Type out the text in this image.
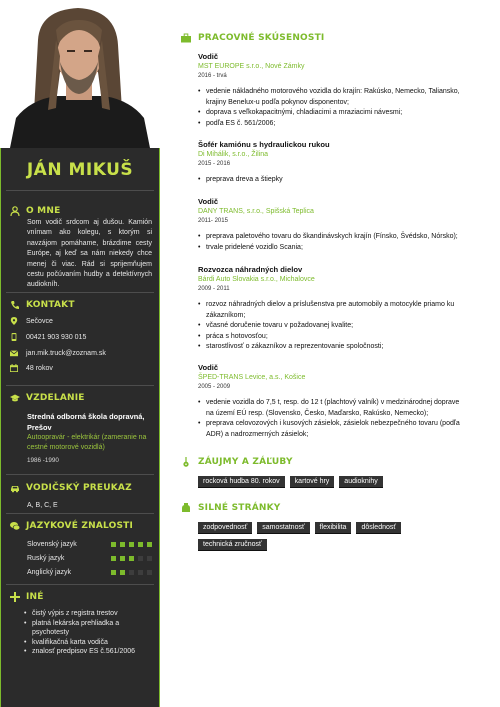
JÁN MIKUŠ
O MNE
Som vodič srdcom aj dušou. Kamión vnímam ako kolegu, s ktorým si navzájom pomáhame, brázdime cesty Európe, aj keď sa nám niekedy chce menej či viac. Rád si sprijemňujem cestu počúvaním hudby a detektívnych audiokníh.
KONTAKT
Sečovce
00421 903 930 015
jan.mik.truck@zoznam.sk
48 rokov
VZDELANIE
Stredná odborná škola dopravná, Prešov
Autoopravár - elektrikár (zameranie na cestné motorové vozidlá)
1986 -1990
VODIČSKÝ PREUKAZ
A, B, C, E
JAZYKOVÉ ZNALOSTI
Slovenský jazyk
Ruský jazyk
Anglický jazyk
INÉ
• čistý výpis z registra trestov
• platná lekárska prehliadka a psychotesty
• kvalifikačná karta vodiča
• znalosť predpisov ES č.561/2006
PRACOVNÉ SKÚSENOSTI
Vodič
MST EUROPE s.r.o., Nové Zámky
2016 - trvá
• vedenie nákladného motorového vozidla do krajín: Rakúsko, Nemecko, Taliansko, krajiny Benelux-u podľa pokynov disponentov;
• doprava s veľkokapacitnými, chladiacimi a mraziacimi návesmi;
• podľa ES č. 561/2006;
Šofér kamiónu s hydraulickou rukou
Di Mihálik, s.r.o., Žilina
2015 - 2016
• preprava dreva a štiepky
Vodič
DANY TRANS, s.r.o., Spišská Teplica
2011- 2015
• preprava paletového tovaru do škandinávskych krajín (Fínsko, Švédsko, Nórsko);
• trvale pridelené vozidlo Scania;
Rozvozca náhradných dielov
Bárdi Auto Slovakia s.r.o., Michalovce
2009 - 2011
• rozvoz náhradných dielov a príslušenstva pre automobily a motocykle priamo ku zákazníkom;
• včasné doručenie tovaru v požadovanej kvalite;
• práca s hotovosťou;
• starostlivosť o zákazníkov a reprezentovanie spoločnosti;
Vodič
ŠPED-TRANS Levice, a.s., Košice
2005 - 2009
• vedenie vozidla do 7,5 t, resp. do 12 t (plachtový valník) v medzinárodnej doprave na území EÚ resp. (Slovensko, Česko, Maďarsko, Rakúsko, Nemecko);
• preprava celovozových i kusových zásielok, zásielok nebezpečného tovaru (podľa ADR) a nadrozmerných zásielok;
ZÁUJMY A ZÁĽUBY
rocková hudba 80. rokov	kartové hry	audioknihy
SILNÉ STRÁNKY
zodpovednosť	samostatnosť	flexibilita	dôslednosť
technická zručnosť
